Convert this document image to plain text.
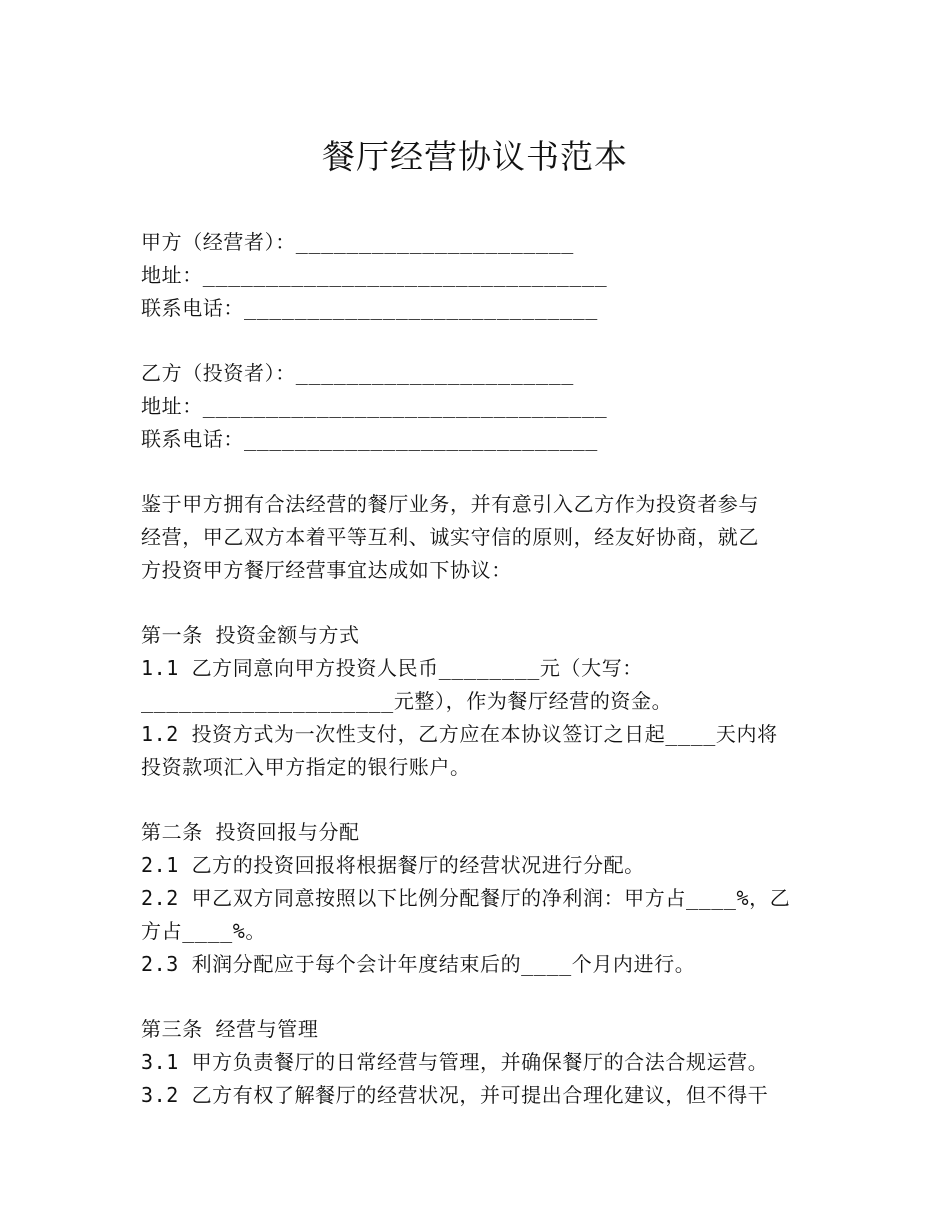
餐厅经营协议书范本
甲方（经营者）：______________________
地址：________________________________
联系电话：____________________________
乙方（投资者）：______________________
地址：________________________________
联系电话：____________________________
鉴于甲方拥有合法经营的餐厅业务，并有意引入乙方作为投资者参与
经营，甲乙双方本着平等互利、诚实守信的原则，经友好协商，就乙
方投资甲方餐厅经营事宜达成如下协议：
第一条 投资金额与方式
1.1 乙方同意向甲方投资人民币________元（大写：
____________________元整），作为餐厅经营的资金。
1.2 投资方式为一次性支付，乙方应在本协议签订之日起____天内将
投资款项汇入甲方指定的银行账户。
第二条 投资回报与分配
2.1 乙方的投资回报将根据餐厅的经营状况进行分配。
2.2 甲乙双方同意按照以下比例分配餐厅的净利润：甲方占____%，乙
方占____%。
2.3 利润分配应于每个会计年度结束后的____个月内进行。
第三条 经营与管理
3.1 甲方负责餐厅的日常经营与管理，并确保餐厅的合法合规运营。
3.2 乙方有权了解餐厅的经营状况，并可提出合理化建议，但不得干
